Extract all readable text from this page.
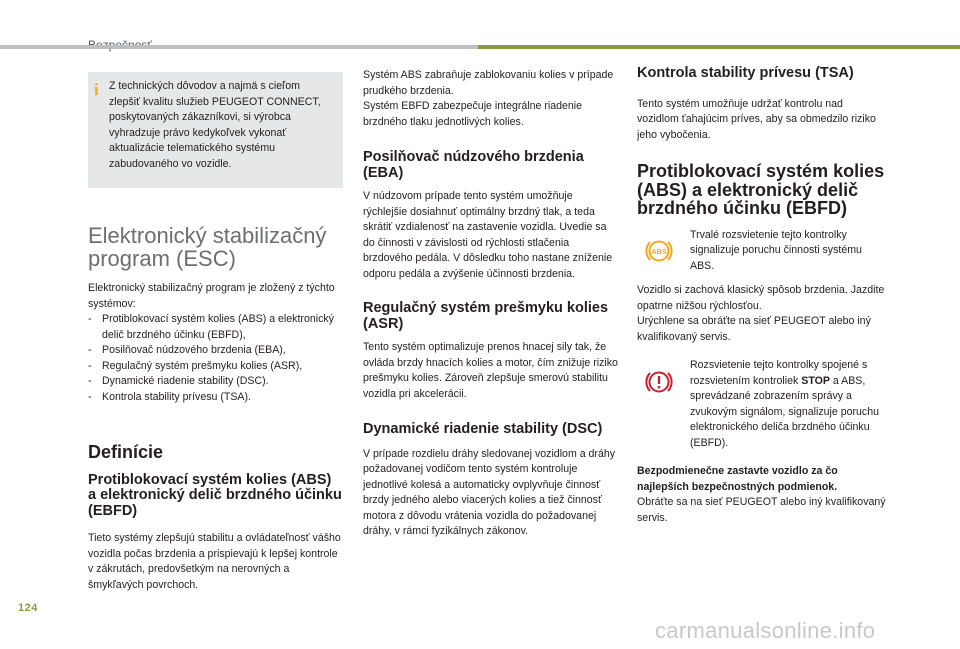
i Z technických dôvodov a najmä s cieľom zlepšiť kvalitu služieb PEUGEOT CONNECT, poskytovaných zákazníkovi, si výrobca vyhradzuje právo kedykoľvek vykonať aktualizácie telematického systému zabudovaného vo vozidle.

Elektronický stabilizačný program (ESC)

Elektronický stabilizačný program je zložený z týchto systémov:

- Protiblokovací systém kolies (ABS) a elektronický delič brzdného účinku (EBFD),
- Posilňovač núdzového brzdenia (EBA),
- Regulačný systém prešmyku kolies (ASR),
- Dynamické riadenie stability (DSC).
- Kontrola stability prívesu (TSA).
Definície
Protiblokovací systém kolies (ABS) a elektronický delič brzdného účinku (EBFD)

Tieto systémy zlepšujú stabilitu a ovládateľnosť vášho vozidla počas brzdenia a prispievajú k lepšej kontrole v zákrutách, predovšetkým na nerovných a šmykľavých povrchoch.

Systém ABS zabraňuje zablokovaniu kolies v prípade prudkého brzdenia.

Systém EBFD zabezpečuje integrálne riadenie brzdného tlaku jednotlivých kolies.

Posilňovač núdzového brzdenia (EBA)

V núdzovom prípade tento systém umožňuje rýchlejšie dosiahnuť optimálny brzdný tlak, a teda skrátiť vzdialenosť na zastavenie vozidla. Uvedie sa do činnosti v závislosti od rýchlosti stlačenia brzdového pedála. V dôsledku toho nastane zníženie odporu pedála a zvýšenie účinnosti brzdenia.

Regulačný systém prešmyku kolies (ASR)

Tento systém optimalizuje prenos hnacej sily tak, že ovláda brzdy hnacích kolies a motor, čím znižuje riziko prešmyku kolies. Zároveň zlepšuje smerovú stabilitu vozidla pri akcelerácii.

Dynamické riadenie stability (DSC)

V prípade rozdielu dráhy sledovanej vozidlom a dráhy požadovanej vodičom tento systém kontroluje jednotlivé kolesá a automaticky ovplyvňuje činnosť brzdy jedného alebo viacerých kolies a tiež činnosť motora z dôvodu vrátenia vozidla do požadovanej dráhy, v rámci fyzikálnych zákonov.

Kontrola stability prívesu (TSA)

Tento systém umožňuje udržať kontrolu nad vozidlom ťahajúcim príves, aby sa obmedzilo riziko jeho vybočenia.

Protiblokovací systém kolies (ABS) a elektronický delič brzdného účinku (EBFD)
ABS

Trvalé rozsvietenie tejto kontrolky signalizuje poruchu činnosti systému ABS.

Vozidlo si zachová klasický spôsob brzdenia. Jazdite opatrne nižšou rýchlosťou.

Urýchlene sa obráťte na sieť PEUGEOT alebo iný kvalifikovaný servis.

Rozsvietenie tejto kontrolky spojené s rozsvietením kontroliek STOP a ABS, sprevádzané zobrazením správy a zvukovým signálom, signalizuje poruchu elektronického deliča brzdného účinku (EBFD).

Bezpodmienečne zastavte vozidlo za čo najlepších bezpečnostných podmienok.

Obráťte sa na sieť PEUGEOT alebo iný kvalifikovaný servis.

124
carmanualsonline.info
